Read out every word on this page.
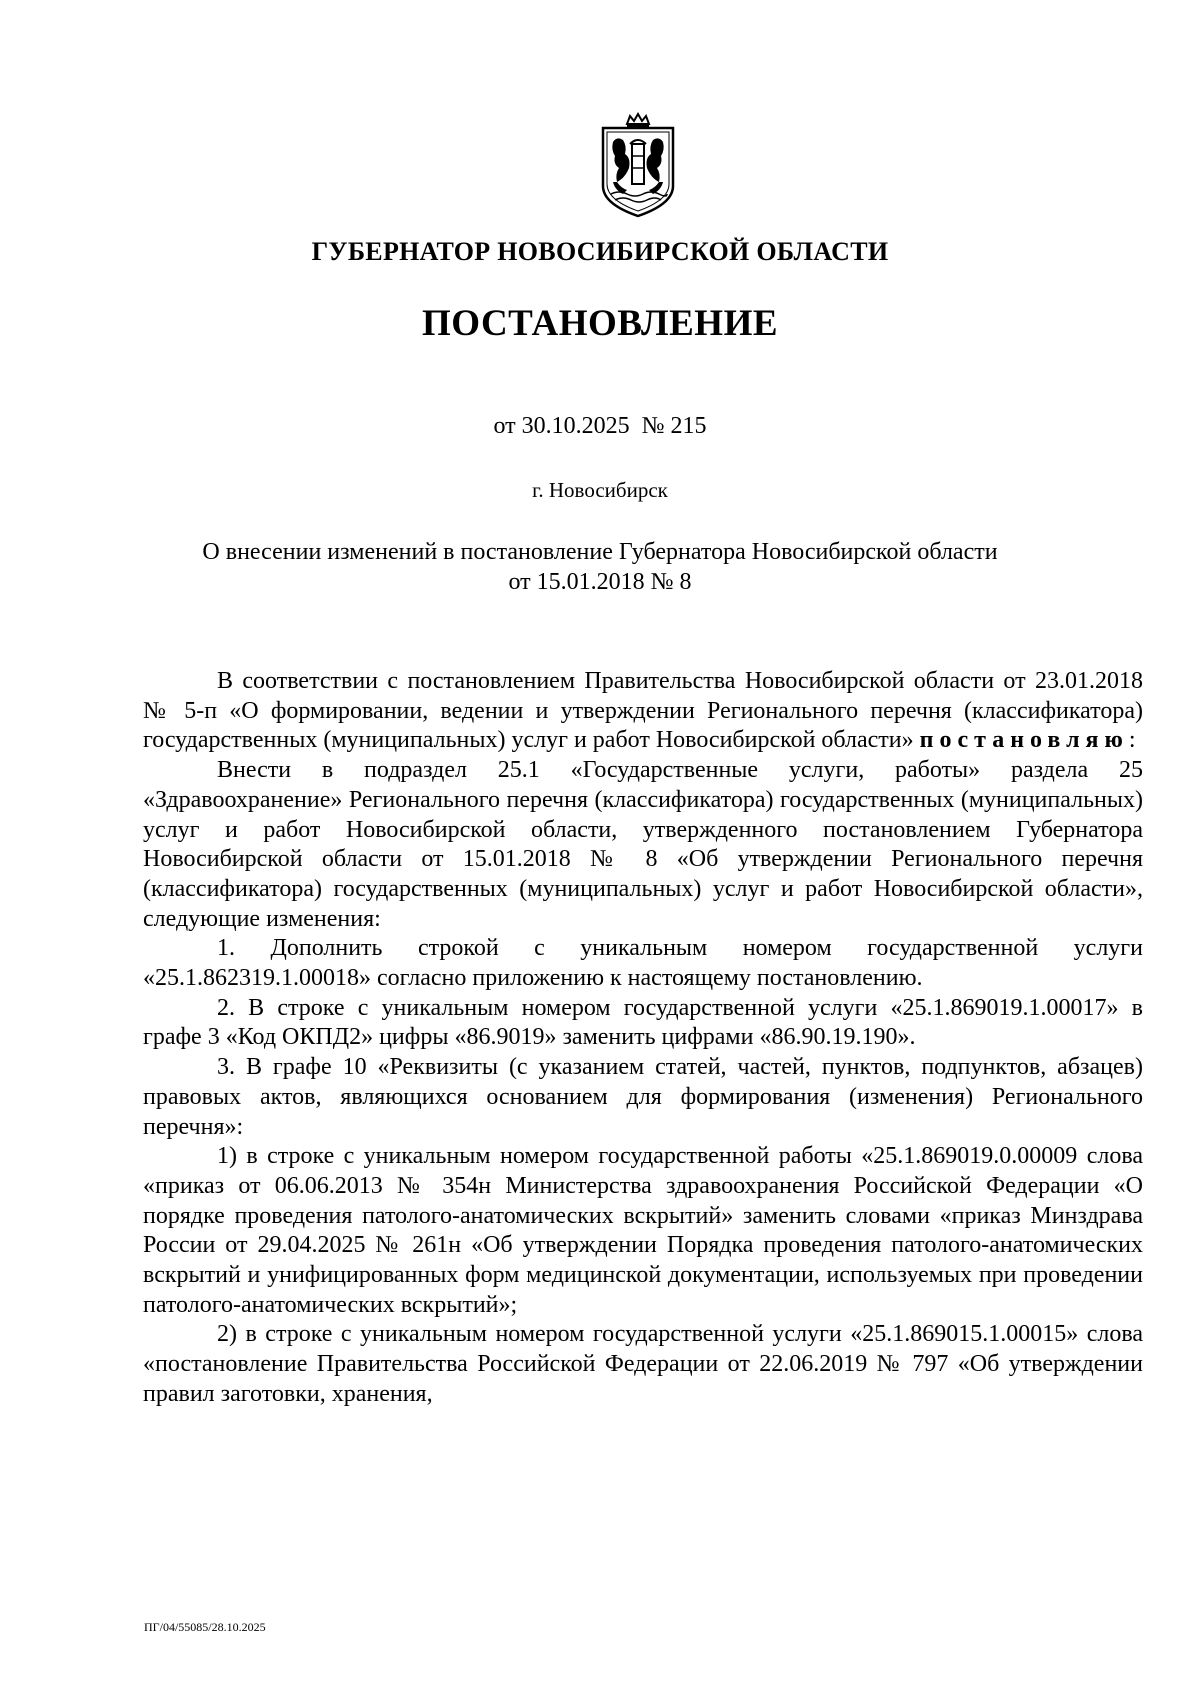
ГУБЕРНАТОР НОВОСИБИРСКОЙ ОБЛАСТИ
ПОСТАНОВЛЕНИЕ
от 30.10.2025  № 215
г. Новосибирск
О внесении изменений в постановление Губернатора Новосибирской области
от 15.01.2018 № 8

В соответствии с постановлением Правительства Новосибирской области от 23.01.2018 № 5-п «О формировании, ведении и утверждении Регионального перечня (классификатора) государственных (муниципальных) услуг и работ Новосибирской области» постановляю:

Внести в подраздел 25.1 «Государственные услуги, работы» раздела 25 «Здравоохранение» Регионального перечня (классификатора) государственных (муниципальных) услуг и работ Новосибирской области, утвержденного постановлением Губернатора Новосибирской области от 15.01.2018 № 8 «Об утверждении Регионального перечня (классификатора) государственных (муниципальных) услуг и работ Новосибирской области», следующие изменения:

1. Дополнить строкой с уникальным номером государственной услуги «25.1.862319.1.00018» согласно приложению к настоящему постановлению.

2. В строке с уникальным номером государственной услуги «25.1.869019.1.00017» в графе 3 «Код ОКПД2» цифры «86.9019» заменить цифрами «86.90.19.190».

3. В графе 10 «Реквизиты (с указанием статей, частей, пунктов, подпунктов, абзацев) правовых актов, являющихся основанием для формирования (изменения) Регионального перечня»:

1) в строке с уникальным номером государственной работы «25.1.869019.0.00009 слова «приказ от 06.06.2013 № 354н Министерства здравоохранения Российской Федерации «О порядке проведения патолого-анатомических вскрытий» заменить словами «приказ Минздрава России от 29.04.2025 № 261н «Об утверждении Порядка проведения патолого-анатомических вскрытий и унифицированных форм медицинской документации, используемых при проведении патолого-анатомических вскрытий»;

2) в строке с уникальным номером государственной услуги «25.1.869015.1.00015» слова «постановление Правительства Российской Федерации от 22.06.2019 № 797 «Об утверждении правил заготовки, хранения,

ПГ/04/55085/28.10.2025
